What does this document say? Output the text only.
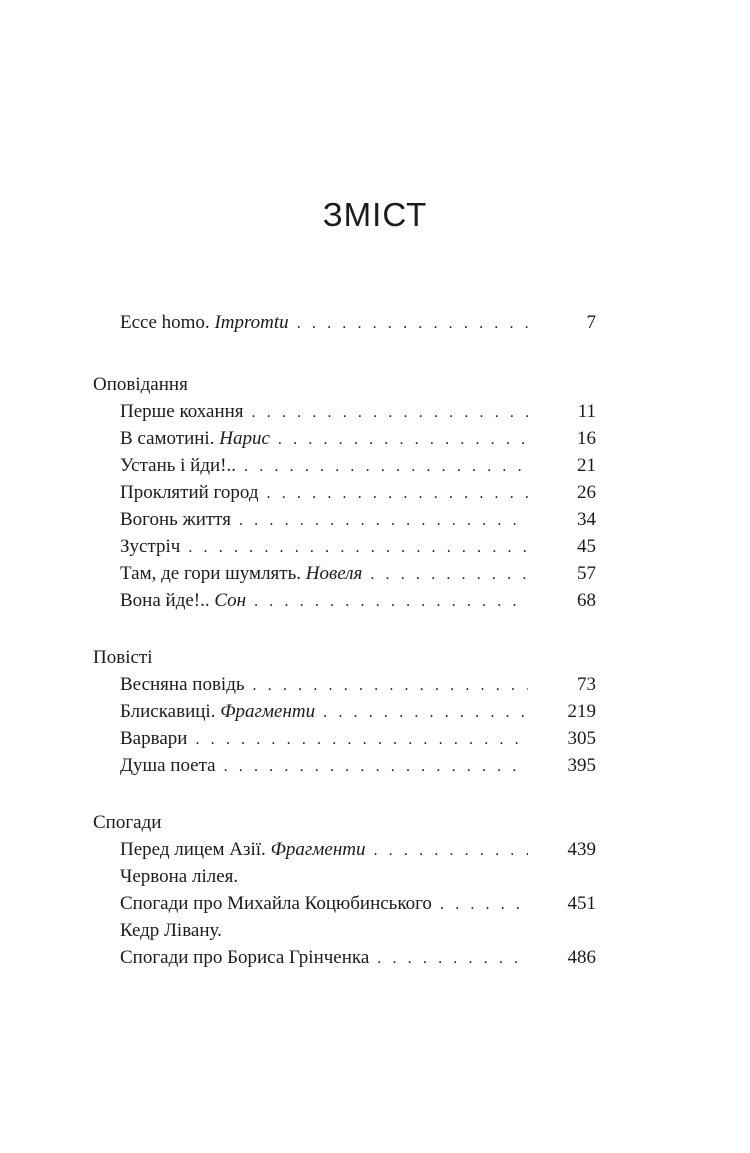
ЗМІСТ
Ecce homo. Impromtu . . .	7
Оповідання
Перше кохання . . .	11
В самотині. Нарис . . .	16
Устань і йди!.. . . .	21
Проклятий город . . .	26
Вогонь життя . . .	34
Зустріч . . .	45
Там, де гори шумлять. Новеля . . .	57
Вона йде!.. Сон . . .	68
Повісті
Весняна повідь . . .	73
Блискавиці. Фрагменти . . .	219
Варвари . . .	305
Душа поета . . .	395
Спогади
Перед лицем Азії. Фрагменти . . .	439
Червона лілея.
Спогади про Михайла Коцюбинського . . .	451
Кедр Лівану.
Спогади про Бориса Грінченка . . .	486
